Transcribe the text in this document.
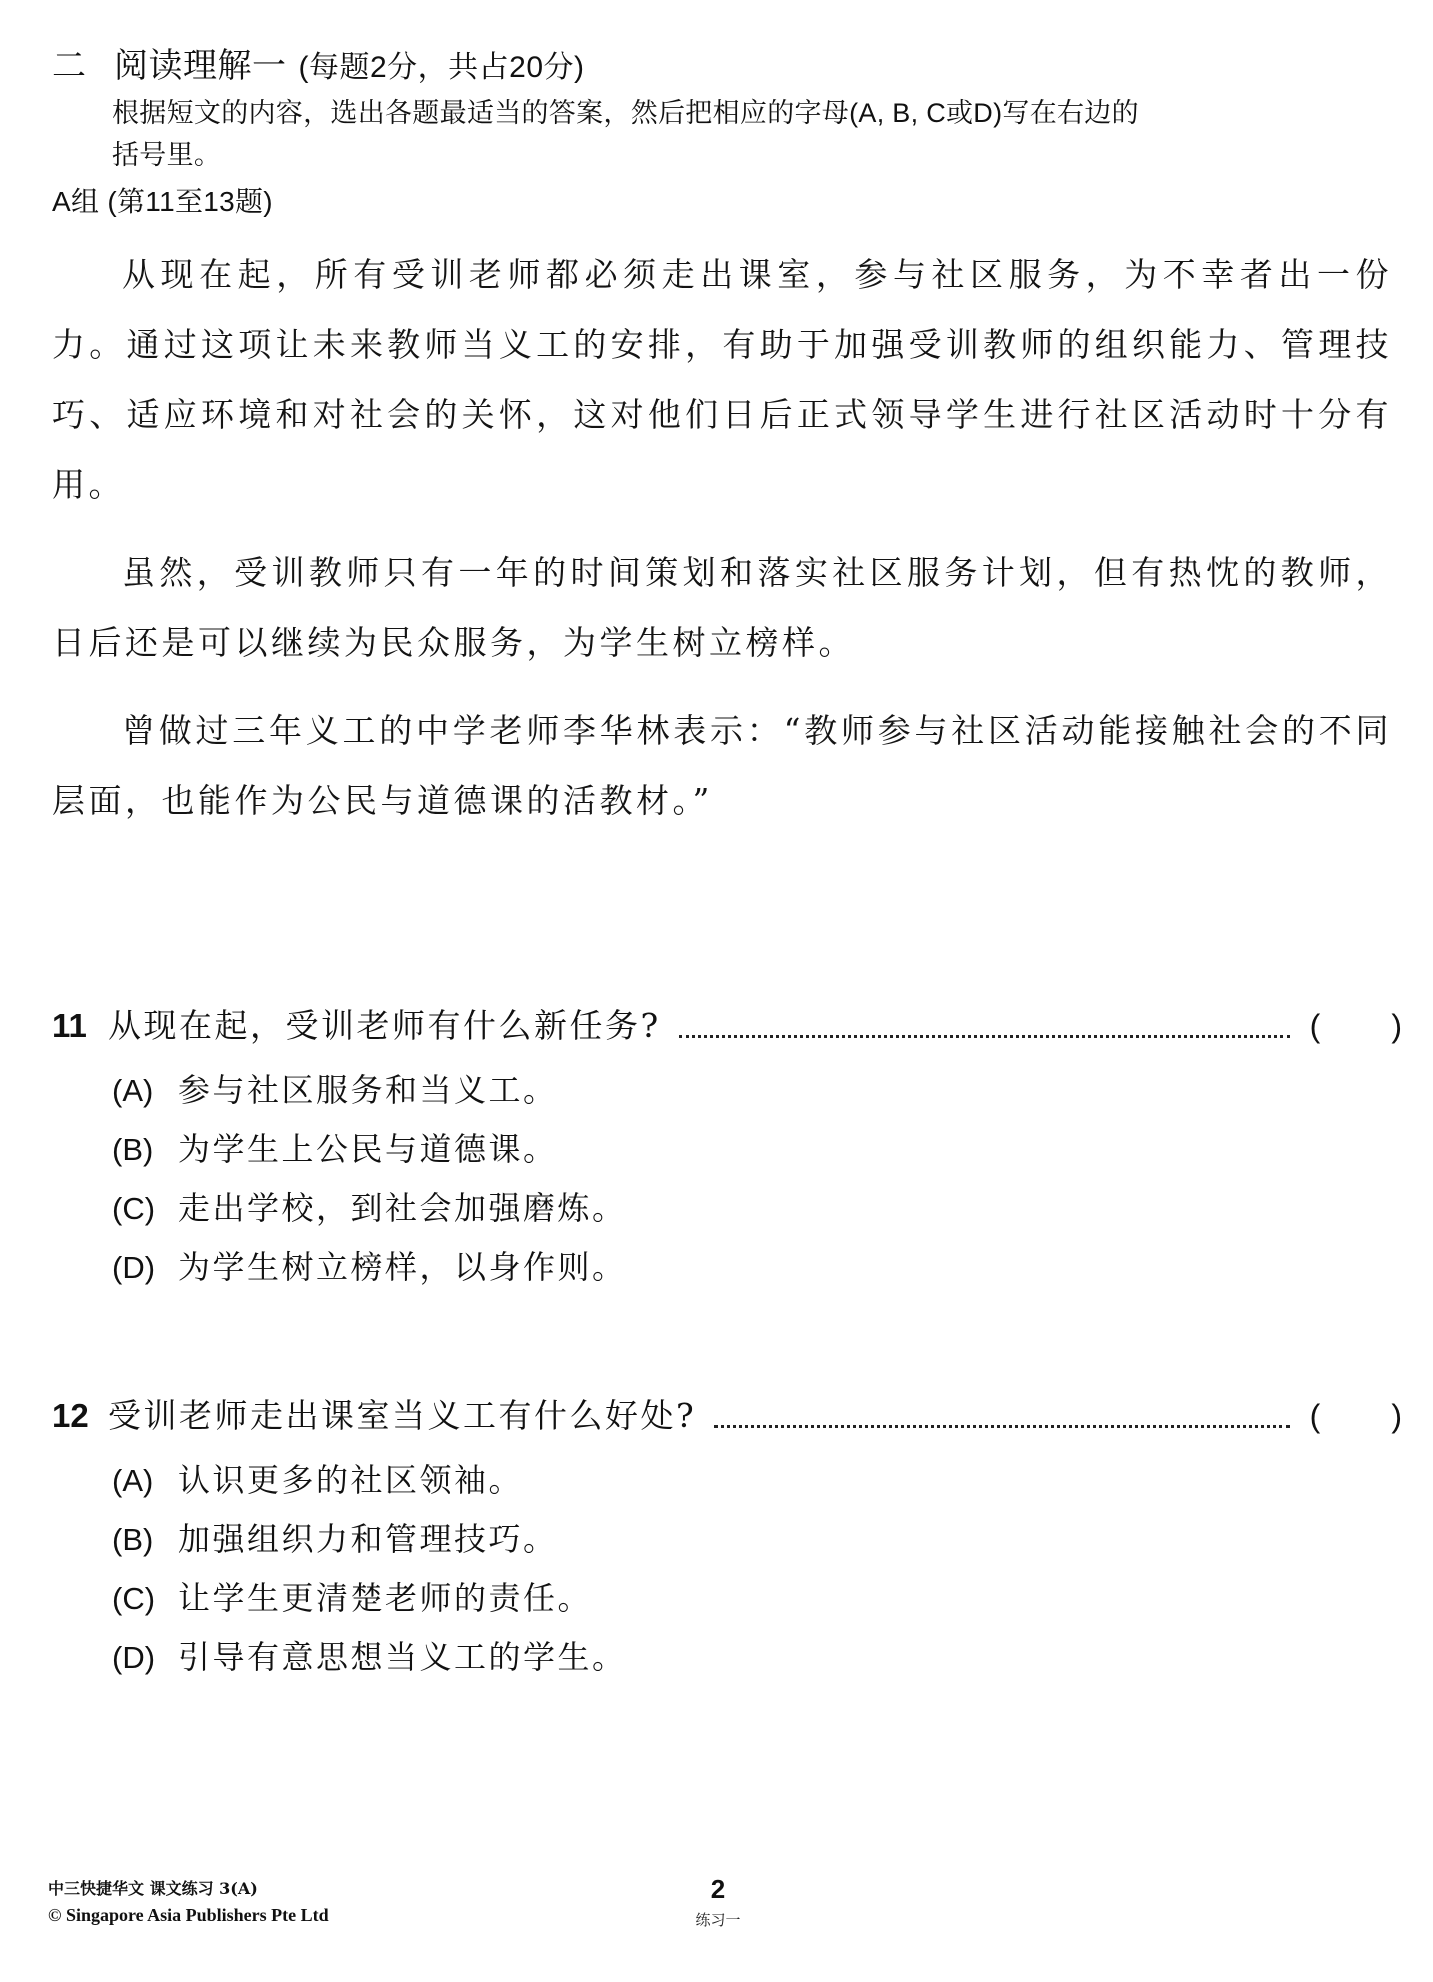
二 阅读理解一 (每题2分，共占20分)
根据短文的内容，选出各题最适当的答案，然后把相应的字母(A, B, C或D)写在右边的
括号里。
A组 (第11至13题)

从现在起，所有受训老师都必须走出课室，参与社区服务，为不幸者出一份力。通过这项让未来教师当义工的安排，有助于加强受训教师的组织能力、管理技巧、适应环境和对社会的关怀，这对他们日后正式领导学生进行社区活动时十分有用。

虽然，受训教师只有一年的时间策划和落实社区服务计划，但有热忱的教师，日后还是可以继续为民众服务，为学生树立榜样。

曾做过三年义工的中学老师李华林表示：“教师参与社区活动能接触社会的不同层面，也能作为公民与道德课的活教材。”

11 从现在起，受训老师有什么新任务?	(        )
(A) 参与社区服务和当义工。
(B) 为学生上公民与道德课。
(C) 走出学校，到社会加强磨炼。
(D) 为学生树立榜样，以身作则。
12 受训老师走出课室当义工有什么好处?	(        )
(A) 认识更多的社区领袖。
(B) 加强组织力和管理技巧。
(C) 让学生更清楚老师的责任。
(D) 引导有意思想当义工的学生。
中三快捷华文 课文练习 3(A)
© Singapore Asia Publishers Pte Ltd
2
练习一
